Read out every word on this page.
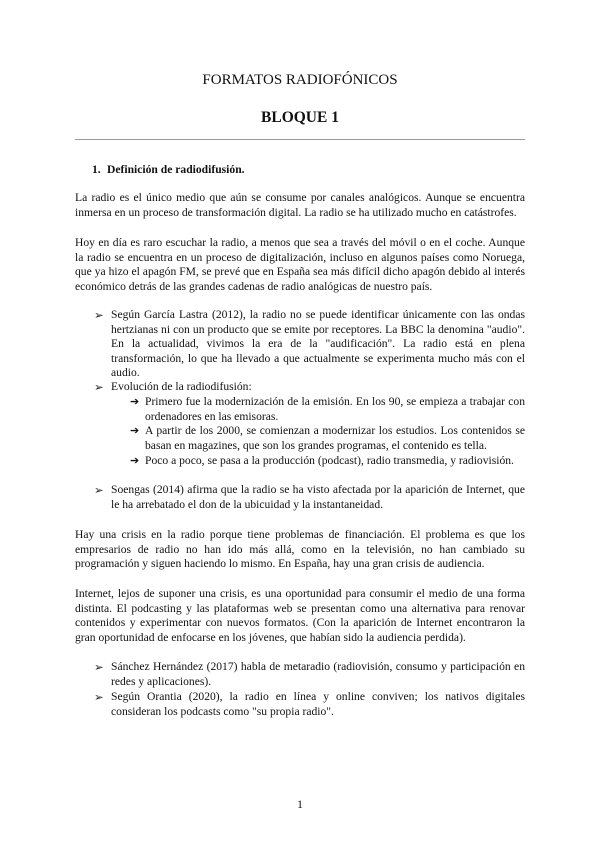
FORMATOS RADIOFÓNICOS
BLOQUE 1
1. Definición de radiodifusión.

La radio es el único medio que aún se consume por canales analógicos. Aunque se encuentra inmersa en un proceso de transformación digital. La radio se ha utilizado mucho en catástrofes.

Hoy en día es raro escuchar la radio, a menos que sea a través del móvil o en el coche. Aunque la radio se encuentra en un proceso de digitalización, incluso en algunos países como Noruega, que ya hizo el apagón FM, se prevé que en España sea más difícil dicho apagón debido al interés económico detrás de las grandes cadenas de radio analógicas de nuestro país.

➢ Según García Lastra (2012), la radio no se puede identificar únicamente con las ondas hertzianas ni con un producto que se emite por receptores. La BBC la denomina "audio". En la actualidad, vivimos la era de la "audificación". La radio está en plena transformación, lo que ha llevado a que actualmente se experimenta mucho más con el audio.

➢ Evolución de la radiodifusión:

➔ Primero fue la modernización de la emisión. En los 90, se empieza a trabajar con ordenadores en las emisoras.

➔ A partir de los 2000, se comienzan a modernizar los estudios. Los contenidos se basan en magazines, que son los grandes programas, el contenido es tella.

➔ Poco a poco, se pasa a la producción (podcast), radio transmedia, y radiovisión.

➢ Soengas (2014) afirma que la radio se ha visto afectada por la aparición de Internet, que le ha arrebatado el don de la ubicuidad y la instantaneidad.

Hay una crisis en la radio porque tiene problemas de financiación. El problema es que los empresarios de radio no han ido más allá, como en la televisión, no han cambiado su programación y siguen haciendo lo mismo. En España, hay una gran crisis de audiencia.

Internet, lejos de suponer una crisis, es una oportunidad para consumir el medio de una forma distinta. El podcasting y las plataformas web se presentan como una alternativa para renovar contenidos y experimentar con nuevos formatos. (Con la aparición de Internet encontraron la gran oportunidad de enfocarse en los jóvenes, que habían sido la audiencia perdida).

➢ Sánchez Hernández (2017) habla de metaradio (radiovisión, consumo y participación en redes y aplicaciones).

➢ Según Orantia (2020), la radio en línea y online conviven; los nativos digitales consideran los podcasts como "su propia radio".

1
